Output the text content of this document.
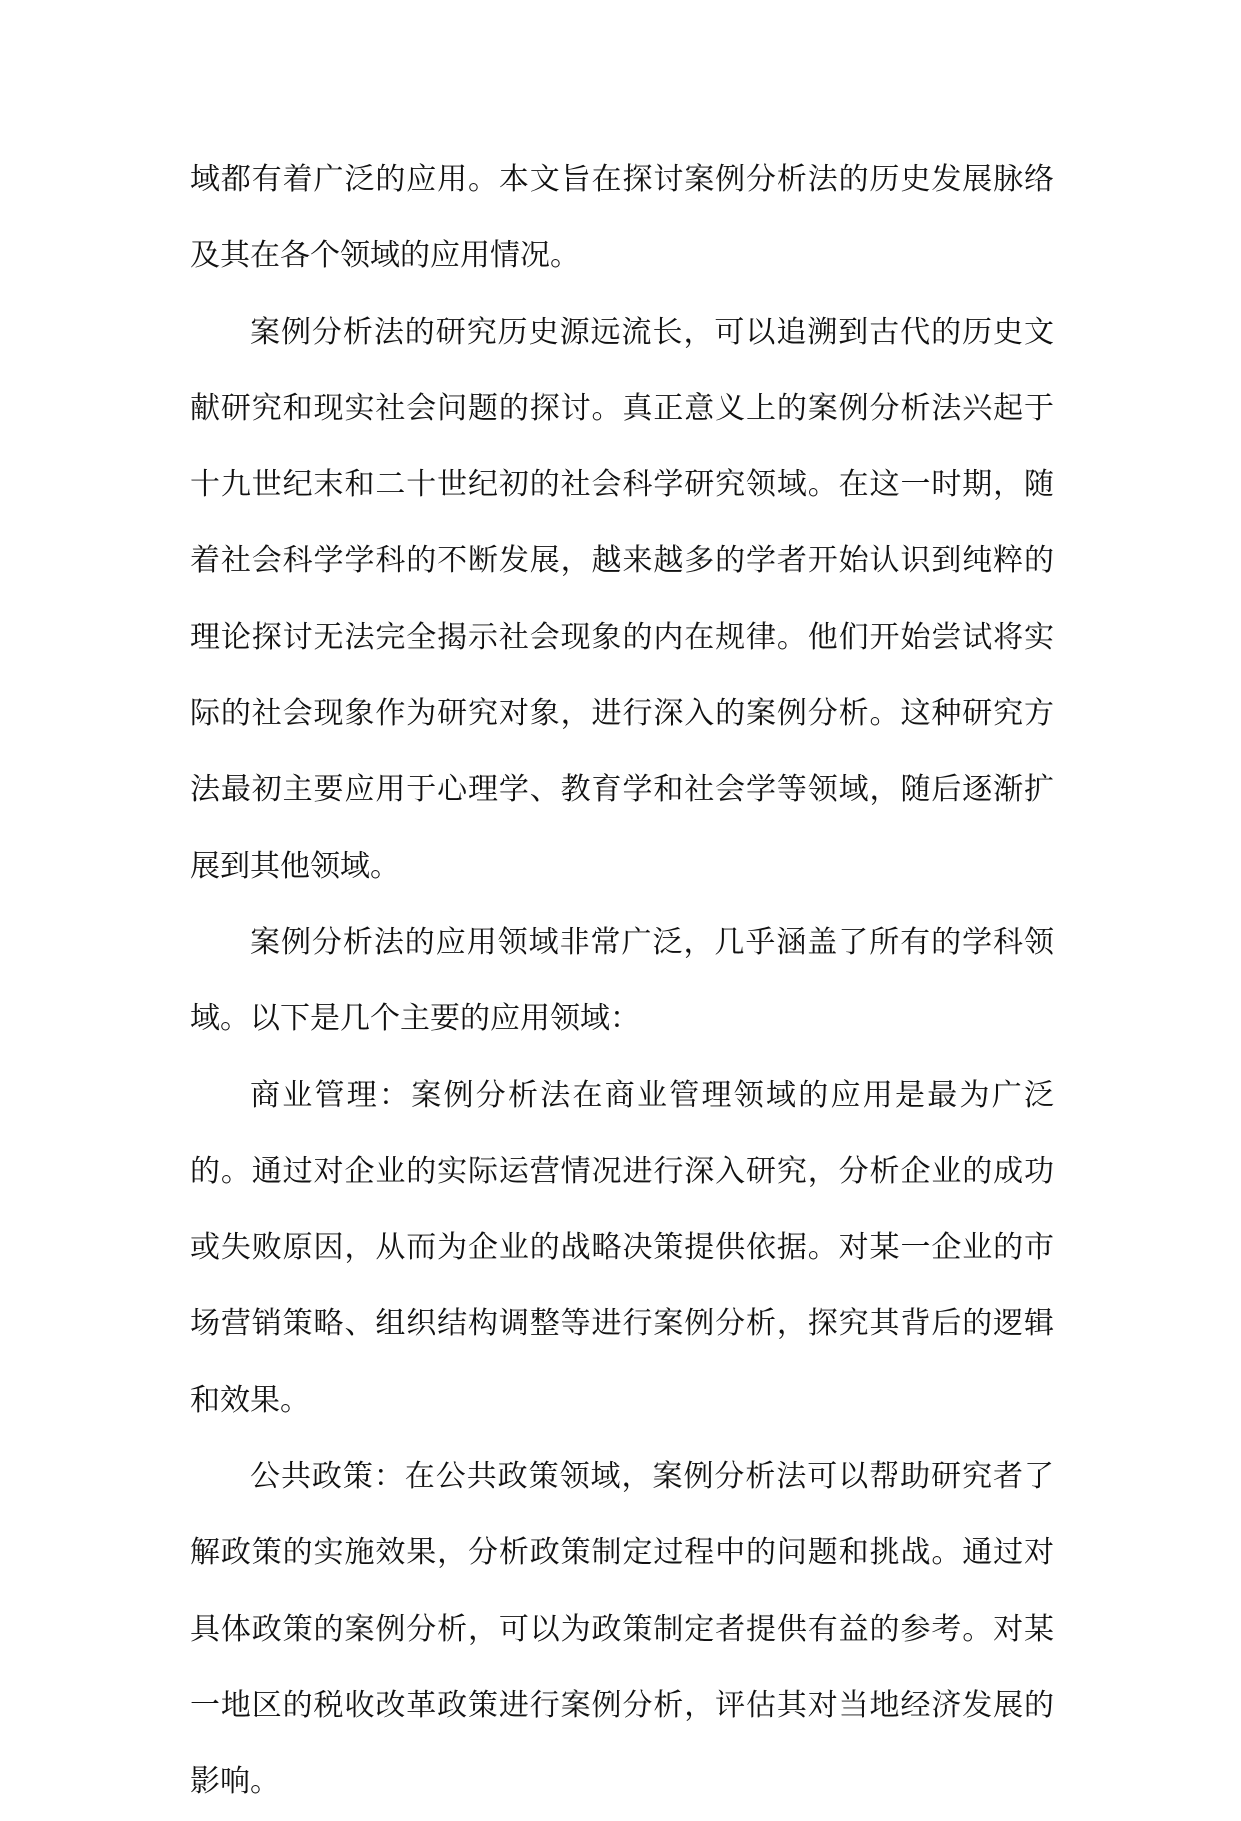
域都有着广泛的应用。本文旨在探讨案例分析法的历史发展脉络及其在各个领域的应用情况。

案例分析法的研究历史源远流长，可以追溯到古代的历史文献研究和现实社会问题的探讨。真正意义上的案例分析法兴起于十九世纪末和二十世纪初的社会科学研究领域。在这一时期，随着社会科学学科的不断发展，越来越多的学者开始认识到纯粹的理论探讨无法完全揭示社会现象的内在规律。他们开始尝试将实际的社会现象作为研究对象，进行深入的案例分析。这种研究方法最初主要应用于心理学、教育学和社会学等领域，随后逐渐扩展到其他领域。

案例分析法的应用领域非常广泛，几乎涵盖了所有的学科领域。以下是几个主要的应用领域：

商业管理：案例分析法在商业管理领域的应用是最为广泛的。通过对企业的实际运营情况进行深入研究，分析企业的成功或失败原因，从而为企业的战略决策提供依据。对某一企业的市场营销策略、组织结构调整等进行案例分析，探究其背后的逻辑和效果。

公共政策：在公共政策领域，案例分析法可以帮助研究者了解政策的实施效果，分析政策制定过程中的问题和挑战。通过对具体政策的案例分析，可以为政策制定者提供有益的参考。对某一地区的税收改革政策进行案例分析，评估其对当地经济发展的影响。
